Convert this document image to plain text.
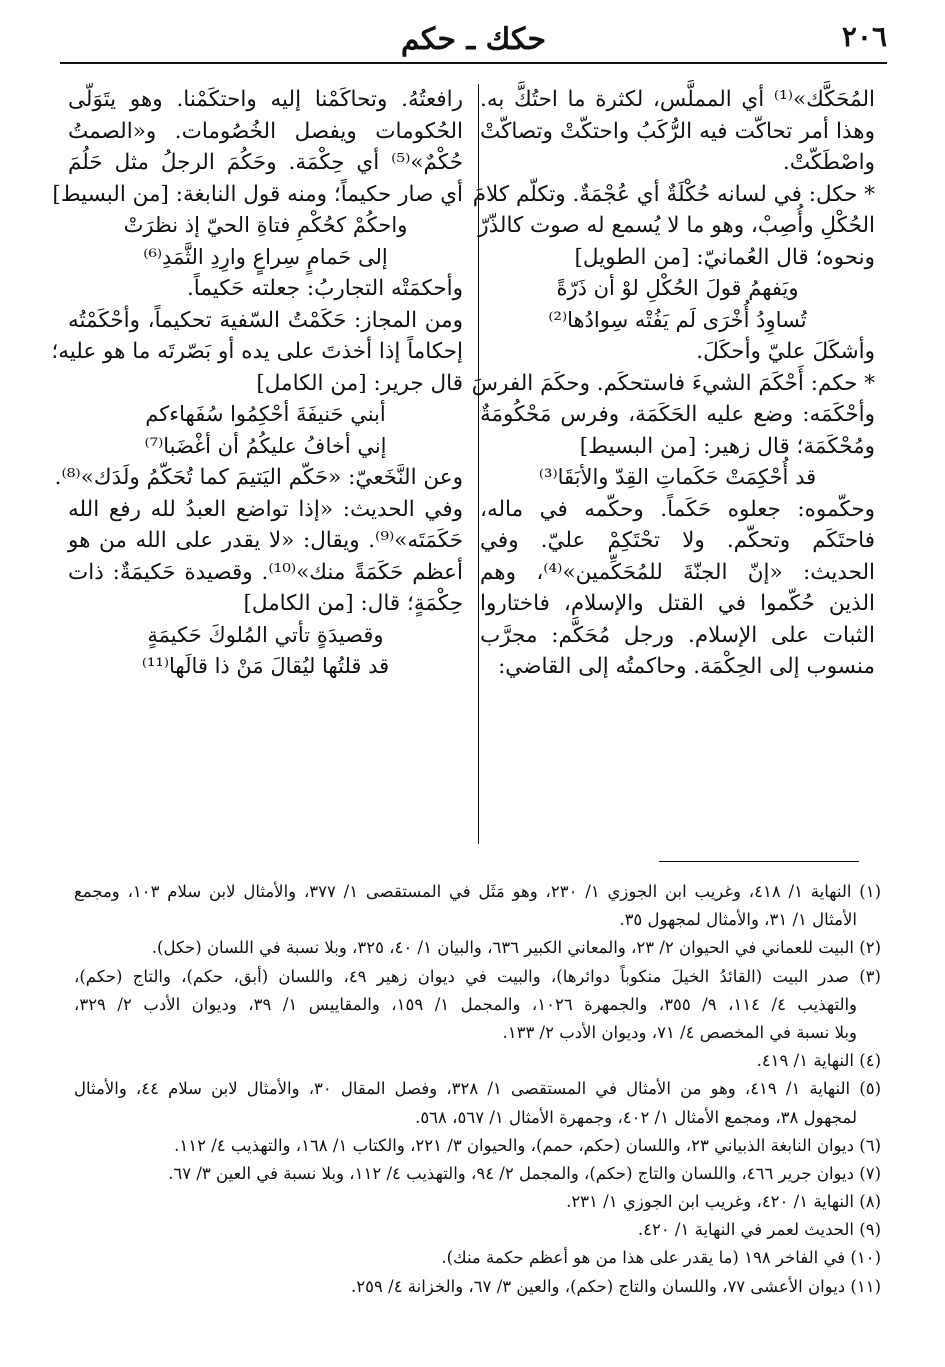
٢٠٦
حكك ـ حكم
المُحَكَّك»⁽¹⁾ أي المملَّس، لكثرة ما احتُكَّ به.
وهذا أمر تحاكّت فيه الرُّكَبُ واحتكّتْ وتصاكّتْ
واصْطَكّتْ.
* حكل: في لسانه حُكْلَةٌ أي عُجْمَةٌ. وتكلّم كلامَ
الحُكْلِ وأُصِبْ، وهو ما لا يُسمع له صوت كالذّرّ
ونحوه؛ قال العُمانيّ: [من الطويل]
ويَفهمُ قولَ الحُكْلِ لوْ أن ذَرّةً
تُساوِدُ أُخْرَى لَم يَفُتْه سِوادُها⁽²⁾
وأشكَلَ عليّ وأحكَلَ.
* حكم: أَحْكَمَ الشيءَ فاستحكَم. وحكَمَ الفرسَ
وأحْكَمَه: وضع عليه الحَكَمَة، وفرس مَحْكُومَةٌ
ومُحْكَمَة؛ قال زهير: [من البسيط]
قد أُحْكِمَتْ حَكَماتِ القِدّ والأبَقَا⁽³⁾
وحكّموه: جعلوه حَكَماً. وحكّمه في ماله،
فاحتَكَم وتحكّم. ولا تحْتَكِمْ عليّ. وفي
الحديث: «إنّ الجنّةَ للمُحَكِّمين»⁽⁴⁾، وهم
الذين حُكّموا في القتل والإسلام، فاختاروا
الثبات على الإسلام. ورجل مُحَكَّم: مجرَّب
منسوب إلى الحِكْمَة. وحاكمتُه إلى القاضي:
رافعتُهُ. وتحاكَمْنا إليه واحتكَمْنا. وهو يتَوَلّى
الحُكومات ويفصل الخُصُومات. و«الصمتُ
حُكْمٌ»⁽⁵⁾ أي حِكْمَة. وحَكُمَ الرجلُ مثل حَلُمَ
أي صار حكيماً؛ ومنه قول النابغة: [من البسيط]
واحكُمْ كحُكْمِ فتاةِ الحيّ إذ نظرَتْ
إلى حَمامٍ سِراعٍ وارِدِ الثَّمَدِ⁽⁶⁾
وأحكمَتْه التجاربُ: جعلته حَكيماً.
ومن المجاز: حَكَمْتُ السّفيهَ تحكيماً، وأحْكَمْتُه
إحكاماً إذا أخذتَ على يده أو بَصّرتَه ما هو عليه؛
قال جرير: [من الكامل]
أبني حَنيفَةَ أحْكِمُوا سُفَهاءكم
إني أخافُ عليكُمُ أن أغْضَبا⁽⁷⁾
وعن النَّخَعيّ: «حَكّم اليَتيمَ كما تُحَكّمُ ولَدَك»⁽⁸⁾.
وفي الحديث: «إذا تواضع العبدُ لله رفع الله
حَكَمَتَه»⁽⁹⁾. ويقال: «لا يقدر على الله من هو
أعظم حَكَمَةً منك»⁽¹⁰⁾. وقصيدة حَكيمَةٌ: ذات
حِكْمَةٍ؛ قال: [من الكامل]
وقصيدَةٍ تأتي المُلوكَ حَكيمَةٍ
قد قلتُها ليُقالَ مَنْ ذا قالَها⁽¹¹⁾
(١) النهاية ١/ ٤١٨، وغريب ابن الجوزي ١/ ٢٣٠، وهو مَثَل في المستقصى ١/ ٣٧٧، والأمثال لابن سلام ١٠٣، ومجمع
الأمثال ١/ ٣١، والأمثال لمجهول ٣٥.
(٢) البيت للعماني في الحيوان ٢/ ٢٣، والمعاني الكبير ٦٣٦، والبيان ١/ ٤٠، ٣٢٥، وبلا نسبة في اللسان (حكل).
(٣) صدر البيت (القائدُ الخيلَ منكوباً دوائرها)، والبيت في ديوان زهير ٤٩، واللسان (أبق، حكم)، والتاج (حكم)،
والتهذيب ٤/ ١١٤، ٩/ ٣٥٥، والجمهرة ١٠٢٦، والمجمل ١/ ١٥٩، والمقاييس ١/ ٣٩، وديوان الأدب ٢/ ٣٢٩،
وبلا نسبة في المخصص ٤/ ٧١، وديوان الأدب ٢/ ١٣٣.
(٤) النهاية ١/ ٤١٩.
(٥) النهاية ١/ ٤١٩، وهو من الأمثال في المستقصى ١/ ٣٢٨، وفصل المقال ٣٠، والأمثال لابن سلام ٤٤، والأمثال
لمجهول ٣٨، ومجمع الأمثال ١/ ٤٠٢، وجمهرة الأمثال ١/ ٥٦٧، ٥٦٨.
(٦) ديوان النابغة الذبياني ٢٣، واللسان (حكم، حمم)، والحيوان ٣/ ٢٢١، والكتاب ١/ ١٦٨، والتهذيب ٤/ ١١٢.
(٧) ديوان جرير ٤٦٦، واللسان والتاج (حكم)، والمجمل ٢/ ٩٤، والتهذيب ٤/ ١١٢، وبلا نسبة في العين ٣/ ٦٧.
(٨) النهاية ١/ ٤٢٠، وغريب ابن الجوزي ١/ ٢٣١.
(٩) الحديث لعمر في النهاية ١/ ٤٢٠.
(١٠) في الفاخر ١٩٨ (ما يقدر على هذا من هو أعظم حكمة منك).
(١١) ديوان الأعشى ٧٧، واللسان والتاج (حكم)، والعين ٣/ ٦٧، والخزانة ٤/ ٢٥٩.
